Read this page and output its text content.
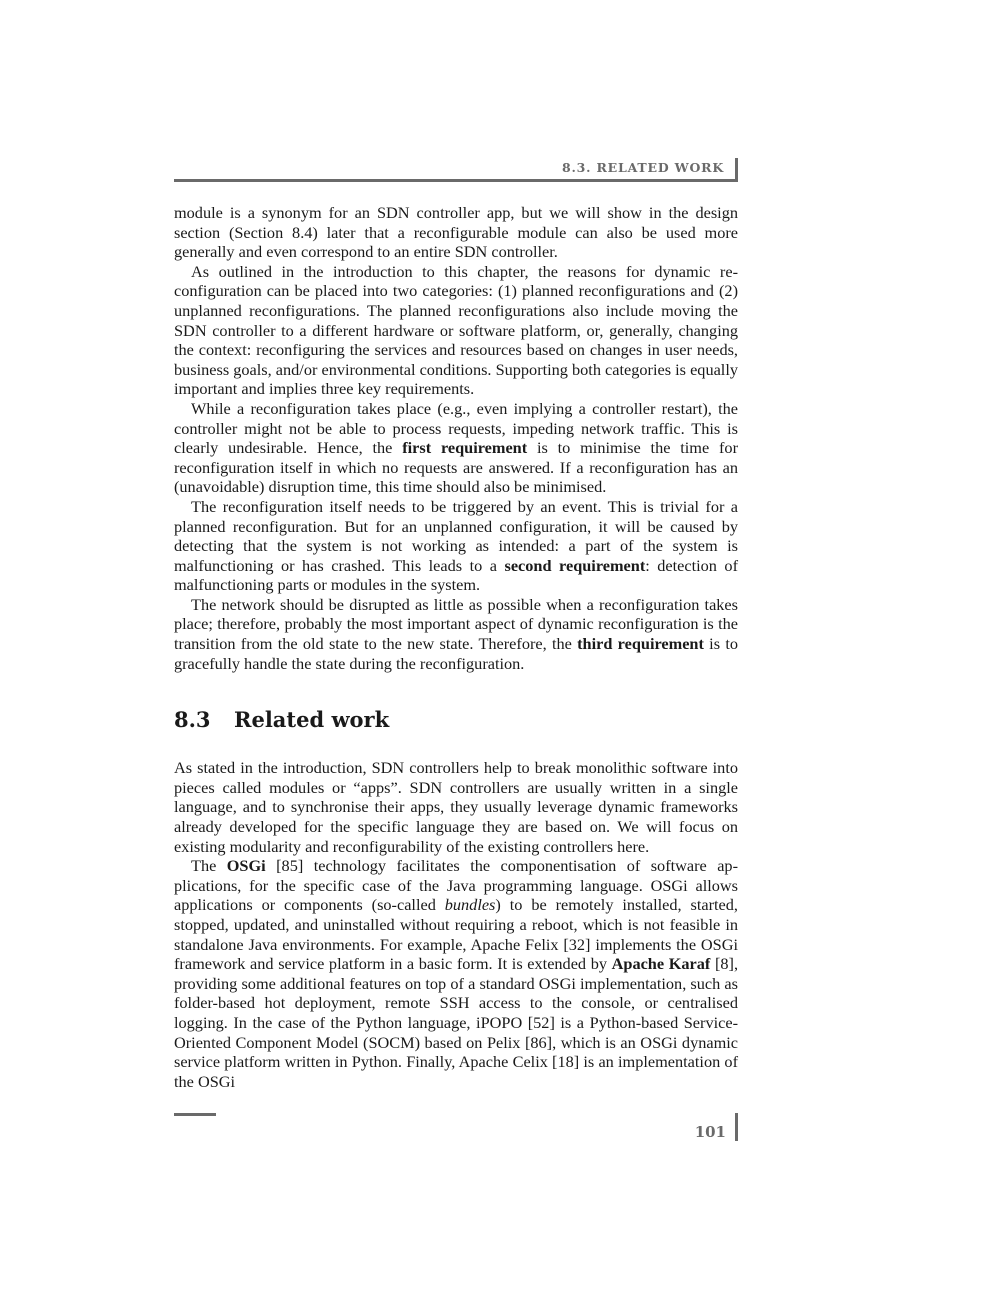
8.3. RELATED WORK

module is a synonym for an SDN controller app, but we will show in the design section (Section 8.4) later that a reconfigurable module can also be used more generally and even correspond to an entire SDN controller.

As outlined in the introduction to this chapter, the reasons for dynamic reconfiguration can be placed into two categories: (1) planned reconfigurations and (2) unplanned reconfigurations. The planned reconfigurations also include moving the SDN controller to a different hardware or software platform, or, generally, changing the context: reconfiguring the services and resources based on changes in user needs, business goals, and/or environmental conditions. Supporting both categories is equally important and implies three key requirements.

While a reconfiguration takes place (e.g., even implying a controller restart), the controller might not be able to process requests, impeding network traffic. This is clearly undesirable. Hence, the first requirement is to minimise the time for reconfiguration itself in which no requests are answered. If a reconfiguration has an (unavoidable) disruption time, this time should also be minimised.

The reconfiguration itself needs to be triggered by an event. This is trivial for a planned reconfiguration. But for an unplanned configuration, it will be caused by detecting that the system is not working as intended: a part of the system is malfunctioning or has crashed. This leads to a second requirement: detection of malfunctioning parts or modules in the system.

The network should be disrupted as little as possible when a reconfiguration takes place; therefore, probably the most important aspect of dynamic reconfiguration is the transition from the old state to the new state. Therefore, the third requirement is to gracefully handle the state during the reconfiguration.

8.3 Related work

As stated in the introduction, SDN controllers help to break monolithic software into pieces called modules or “apps”. SDN controllers are usually written in a single language, and to synchronise their apps, they usually leverage dynamic frameworks already developed for the specific language they are based on. We will focus on existing modularity and reconfigurability of the existing controllers here.

The OSGi [85] technology facilitates the componentisation of software applications, for the specific case of the Java programming language. OSGi allows applications or components (so-called bundles) to be remotely installed, started, stopped, updated, and uninstalled without requiring a reboot, which is not feasible in standalone Java environments. For example, Apache Felix [32] implements the OSGi framework and service platform in a basic form. It is extended by Apache Karaf [8], providing some additional features on top of a standard OSGi implementation, such as folder-based hot deployment, remote SSH access to the console, or centralised logging. In the case of the Python language, iPOPO [52] is a Python-based Service-Oriented Component Model (SOCM) based on Pelix [86], which is an OSGi dynamic service platform written in Python. Finally, Apache Celix [18] is an implementation of the OSGi

101
